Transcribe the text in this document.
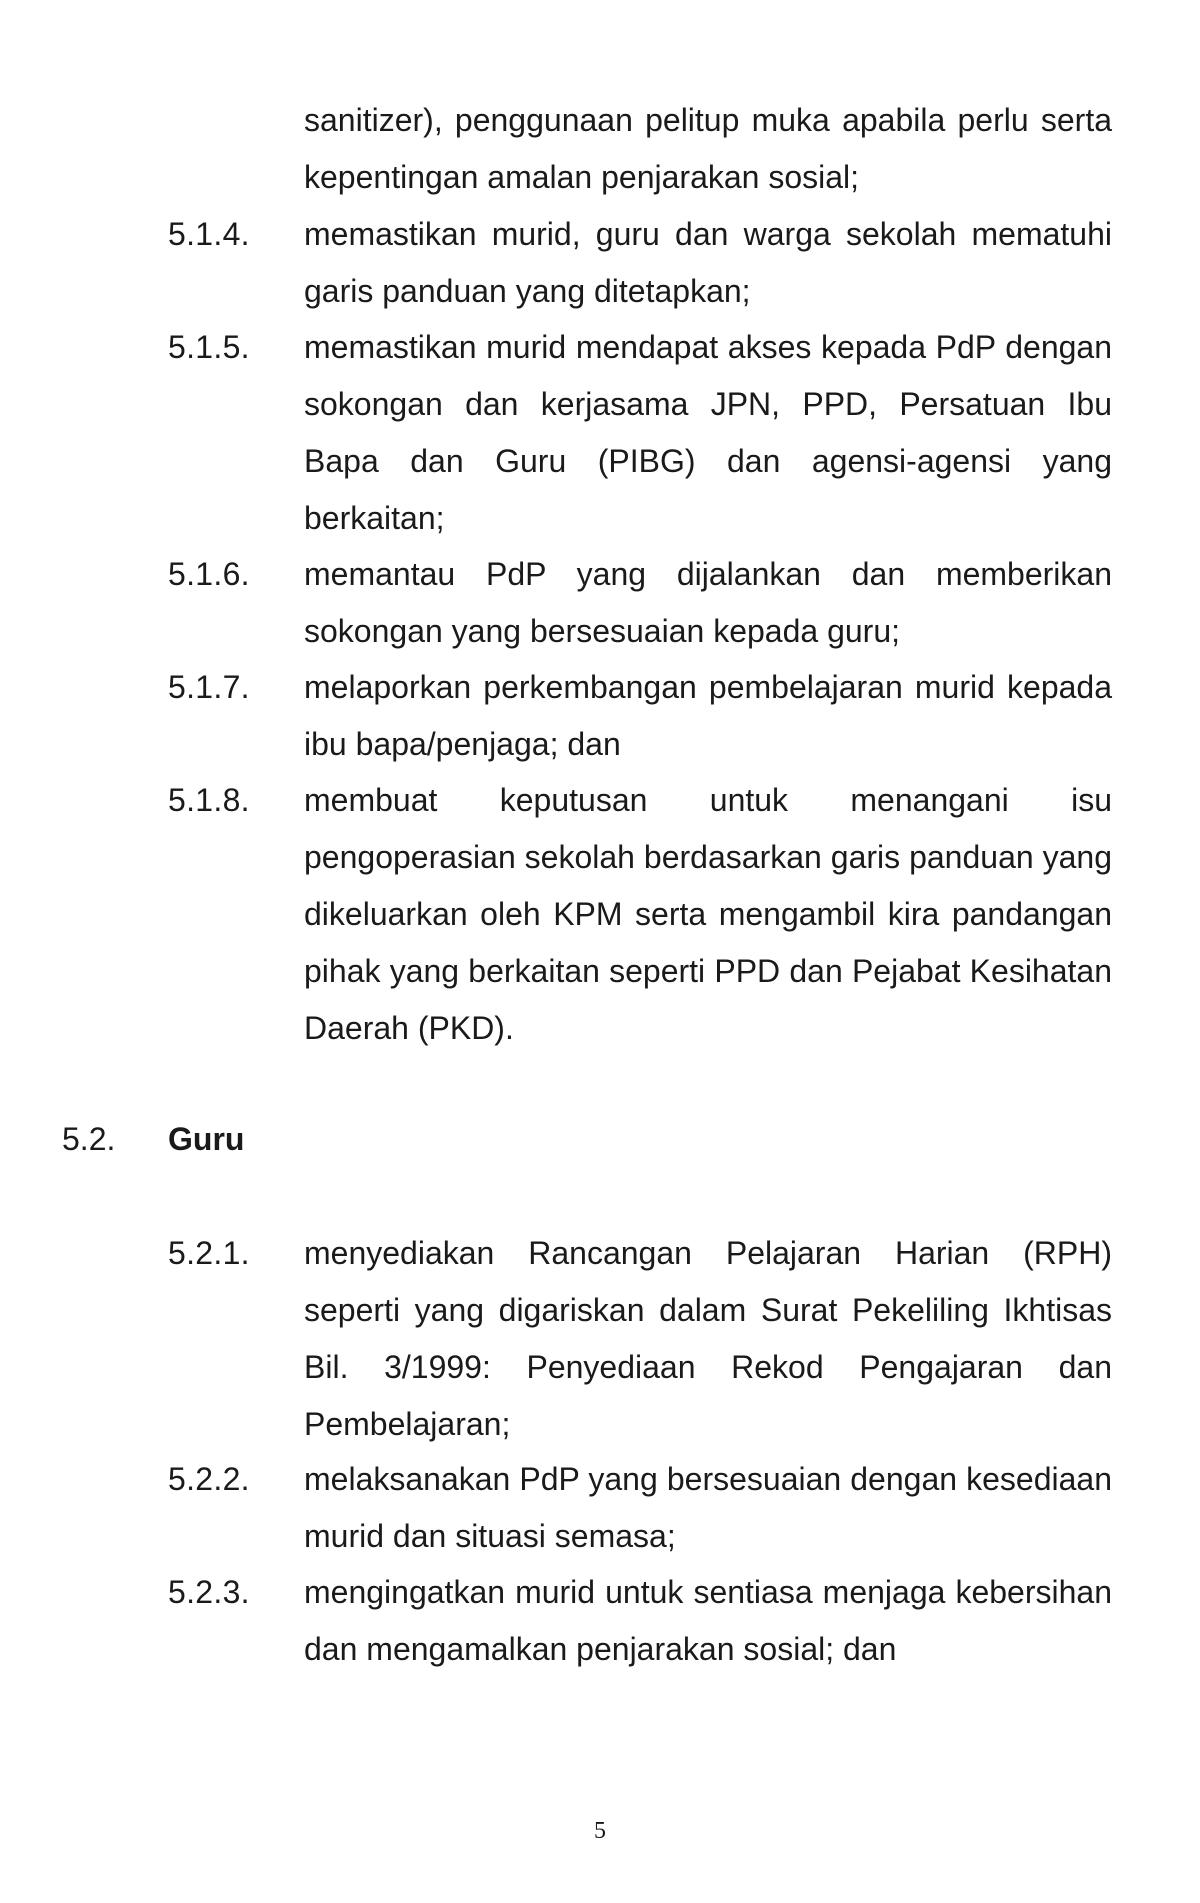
sanitizer), penggunaan pelitup muka apabila perlu serta kepentingan amalan penjarakan sosial;
5.1.4. memastikan murid, guru dan warga sekolah mematuhi garis panduan yang ditetapkan;
5.1.5. memastikan murid mendapat akses kepada PdP dengan sokongan dan kerjasama JPN, PPD, Persatuan Ibu Bapa dan Guru (PIBG) dan agensi-agensi yang berkaitan;
5.1.6. memantau PdP yang dijalankan dan memberikan sokongan yang bersesuaian kepada guru;
5.1.7. melaporkan perkembangan pembelajaran murid kepada ibu bapa/penjaga; dan
5.1.8. membuat keputusan untuk menangani isu pengoperasian sekolah berdasarkan garis panduan yang dikeluarkan oleh KPM serta mengambil kira pandangan pihak yang berkaitan seperti PPD dan Pejabat Kesihatan Daerah (PKD).
5.2. Guru
5.2.1. menyediakan Rancangan Pelajaran Harian (RPH) seperti yang digariskan dalam Surat Pekeliling Ikhtisas Bil. 3/1999: Penyediaan Rekod Pengajaran dan Pembelajaran;
5.2.2. melaksanakan PdP yang bersesuaian dengan kesediaan murid dan situasi semasa;
5.2.3. mengingatkan murid untuk sentiasa menjaga kebersihan dan mengamalkan penjarakan sosial; dan
5
